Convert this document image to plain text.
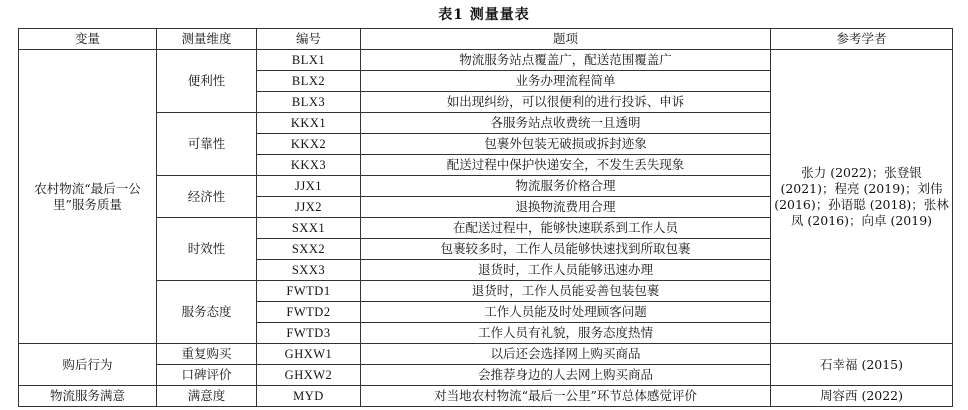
表1 测量量表
变量	测量维度	编号	题项	参考学者
农村物流“最后一公里”服务质量	便利性	BLX1	物流服务站点覆盖广，配送范围覆盖广	张力 (2022)；张登银 (2021)；程亮 (2019)；刘伟 (2016)；孙语聪 (2018)；张林凤 (2016)；向卓 (2019)
		BLX2	业务办理流程简单	
		BLX3	如出现纠纷，可以很便利的进行投诉、申诉	
	可靠性	KKX1	各服务站点收费统一且透明	
		KKX2	包裹外包装无破损或拆封迹象	
		KKX3	配送过程中保护快递安全，不发生丢失现象	
	经济性	JJX1	物流服务价格合理	
		JJX2	退换物流费用合理	
	时效性	SXX1	在配送过程中，能够快速联系到工作人员	
		SXX2	包裹较多时，工作人员能够快速找到所取包裹	
		SXX3	退货时，工作人员能够迅速办理	
	服务态度	FWTD1	退货时，工作人员能妥善包装包裹	
		FWTD2	工作人员能及时处理顾客问题	
		FWTD3	工作人员有礼貌，服务态度热情	
购后行为	重复购买	GHXW1	以后还会选择网上购买商品	石幸福 (2015)
	口碑评价	GHXW2	会推荐身边的人去网上购买商品	
物流服务满意	满意度	MYD	对当地农村物流“最后一公里”环节总体感觉评价	周容西 (2022)
